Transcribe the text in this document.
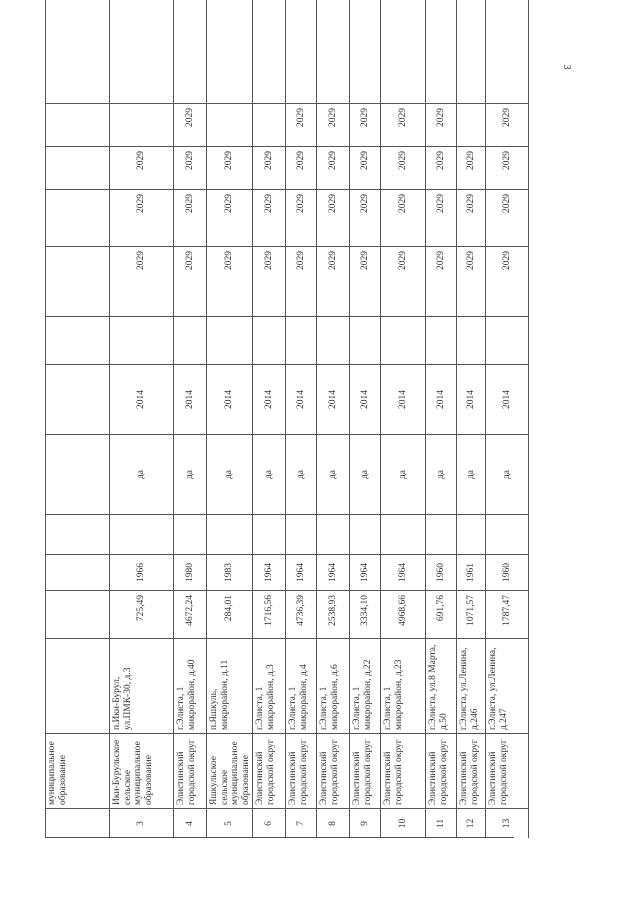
3
муниципальное образование
3
Ики-Бурульское сельское муниципальное образование
п.Ики-Бурул, ул.ПМК-30, д.3
725,49
1966
да
2014
2029
2029
2029
4
Элистинский городской округ
г.Элиста, 1 микрорайон, д.40
4672,24
1980
да
2014
2029
2029
2029
2029
5
Яшкульское сельское муниципальное образование
п.Яшкуль, микрорайон, д.11
284,01
1983
да
2014
2029
2029
2029
6
Элистинский городской округ
г.Элиста, 1 микрорайон, д.3
1716,56
1964
да
2014
2029
2029
2029
7
Элистинский городской округ
г.Элиста, 1 микрорайон, д.4
4736,39
1964
да
2014
2029
2029
2029
2029
8
Элистинский городской округ
г.Элиста, 1 микрорайон, д.6
2538,93
1964
да
2014
2029
2029
2029
2029
9
Элистинский городской округ
г.Элиста, 1 микрорайон, д.22
3334,10
1964
да
2014
2029
2029
2029
2029
10
Элистинский городской округ
г.Элиста, 1 микрорайон, д.23
4968,66
1964
да
2014
2029
2029
2029
2029
11
Элистинский городской округ
г.Элиста, ул.8 Марта, д.50
691,76
1960
да
2014
2029
2029
2029
2029
12
Элистинский городской округ
г.Элиста, ул.Ленина, д.246
1071,57
1961
да
2014
2029
2029
2029
13
Элистинский городской округ
г.Элиста, ул.Ленина, д.247
1787,47
1960
да
2014
2029
2029
2029
2029
